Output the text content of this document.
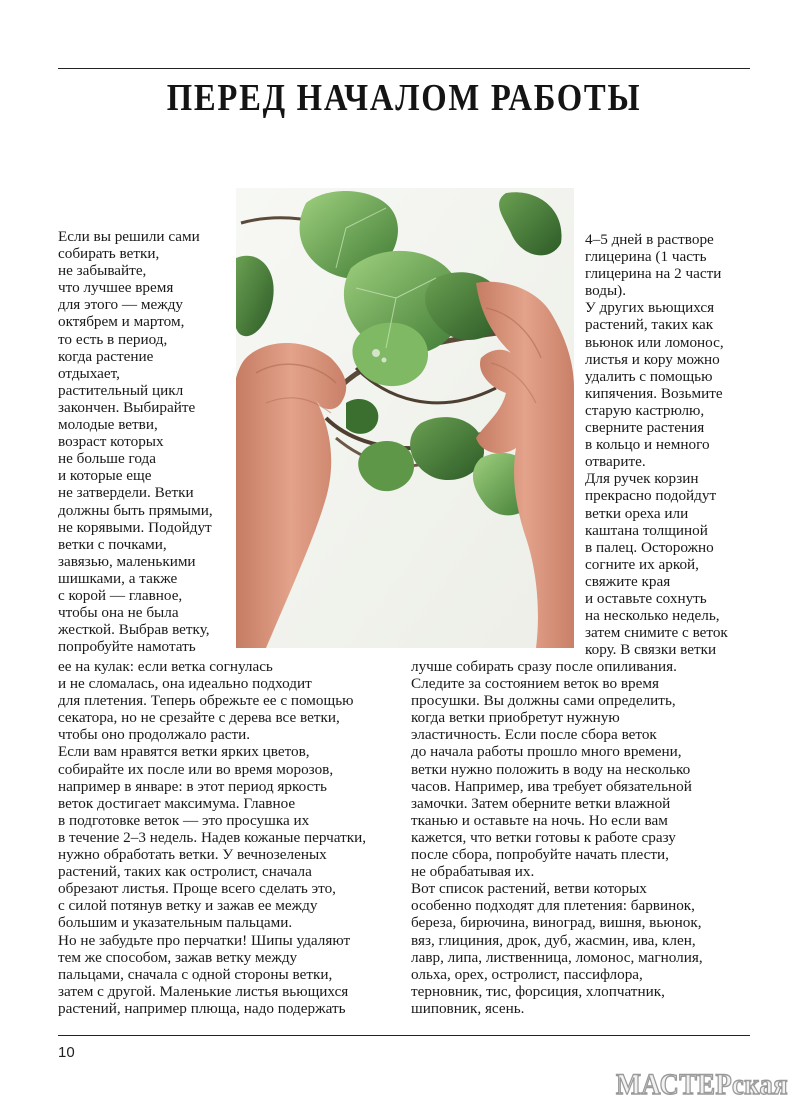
ПЕРЕД НАЧАЛОМ РАБОТЫ
Если вы решили сами
собирать ветки,
не забывайте,
что лучшее время
для этого — между
октябрем и мартом,
то есть в период,
когда растение
отдыхает,
растительный цикл
закончен. Выбирайте
молодые ветви,
возраст которых
не больше года
и которые еще
не затвердели. Ветки
должны быть прямыми,
не корявыми. Подойдут
ветки с почками,
завязью, маленькими
шишками, а также
с корой — главное,
чтобы она не была
жесткой. Выбрав ветку,
попробуйте намотать
4–5 дней в растворе
глицерина (1 часть
глицерина на 2 части
воды).
У других вьющихся
растений, таких как
вьюнок или ломонос,
листья и кору можно
удалить с помощью
кипячения. Возьмите
старую кастрюлю,
сверните растения
в кольцо и немного
отварите.
Для ручек корзин
прекрасно подойдут
ветки ореха или
каштана толщиной
в палец. Осторожно
согните их аркой,
свяжите края
и оставьте сохнуть
на несколько недель,
затем снимите с веток
кору. В связки ветки
ее на кулак: если ветка согнулась
и не сломалась, она идеально подходит
для плетения. Теперь обрежьте ее с помощью
секатора, но не срезайте с дерева все ветки,
чтобы оно продолжало расти.
Если вам нравятся ветки ярких цветов,
собирайте их после или во время морозов,
например в январе: в этот период яркость
веток достигает максимума. Главное
в подготовке веток — это просушка их
в течение 2–3 недель. Надев кожаные перчатки,
нужно обработать ветки. У вечнозеленых
растений, таких как остролист, сначала
обрезают листья. Проще всего сделать это,
с силой потянув ветку и зажав ее между
большим и указательным пальцами.
Но не забудьте про перчатки! Шипы удаляют
тем же способом, зажав ветку между
пальцами, сначала с одной стороны ветки,
затем с другой. Маленькие листья вьющихся
растений, например плюща, надо подержать
лучше собирать сразу после опиливания.
Следите за состоянием веток во время
просушки. Вы должны сами определить,
когда ветки приобретут нужную
эластичность. Если после сбора веток
до начала работы прошло много времени,
ветки нужно положить в воду на несколько
часов. Например, ива требует обязательной
замочки. Затем оберните ветки влажной
тканью и оставьте на ночь. Но если вам
кажется, что ветки готовы к работе сразу
после сбора, попробуйте начать плести,
не обрабатывая их.
Вот список растений, ветви которых
особенно подходят для плетения: барвинок,
береза, бирючина, виноград, вишня, вьюнок,
вяз, глициния, дрок, дуб, жасмин, ива, клен,
лавр, липа, лиственница, ломонос, магнолия,
ольха, орех, остролист, пассифлора,
терновник, тис, форсиция, хлопчатник,
шиповник, ясень.
10
МАСТЕРская
